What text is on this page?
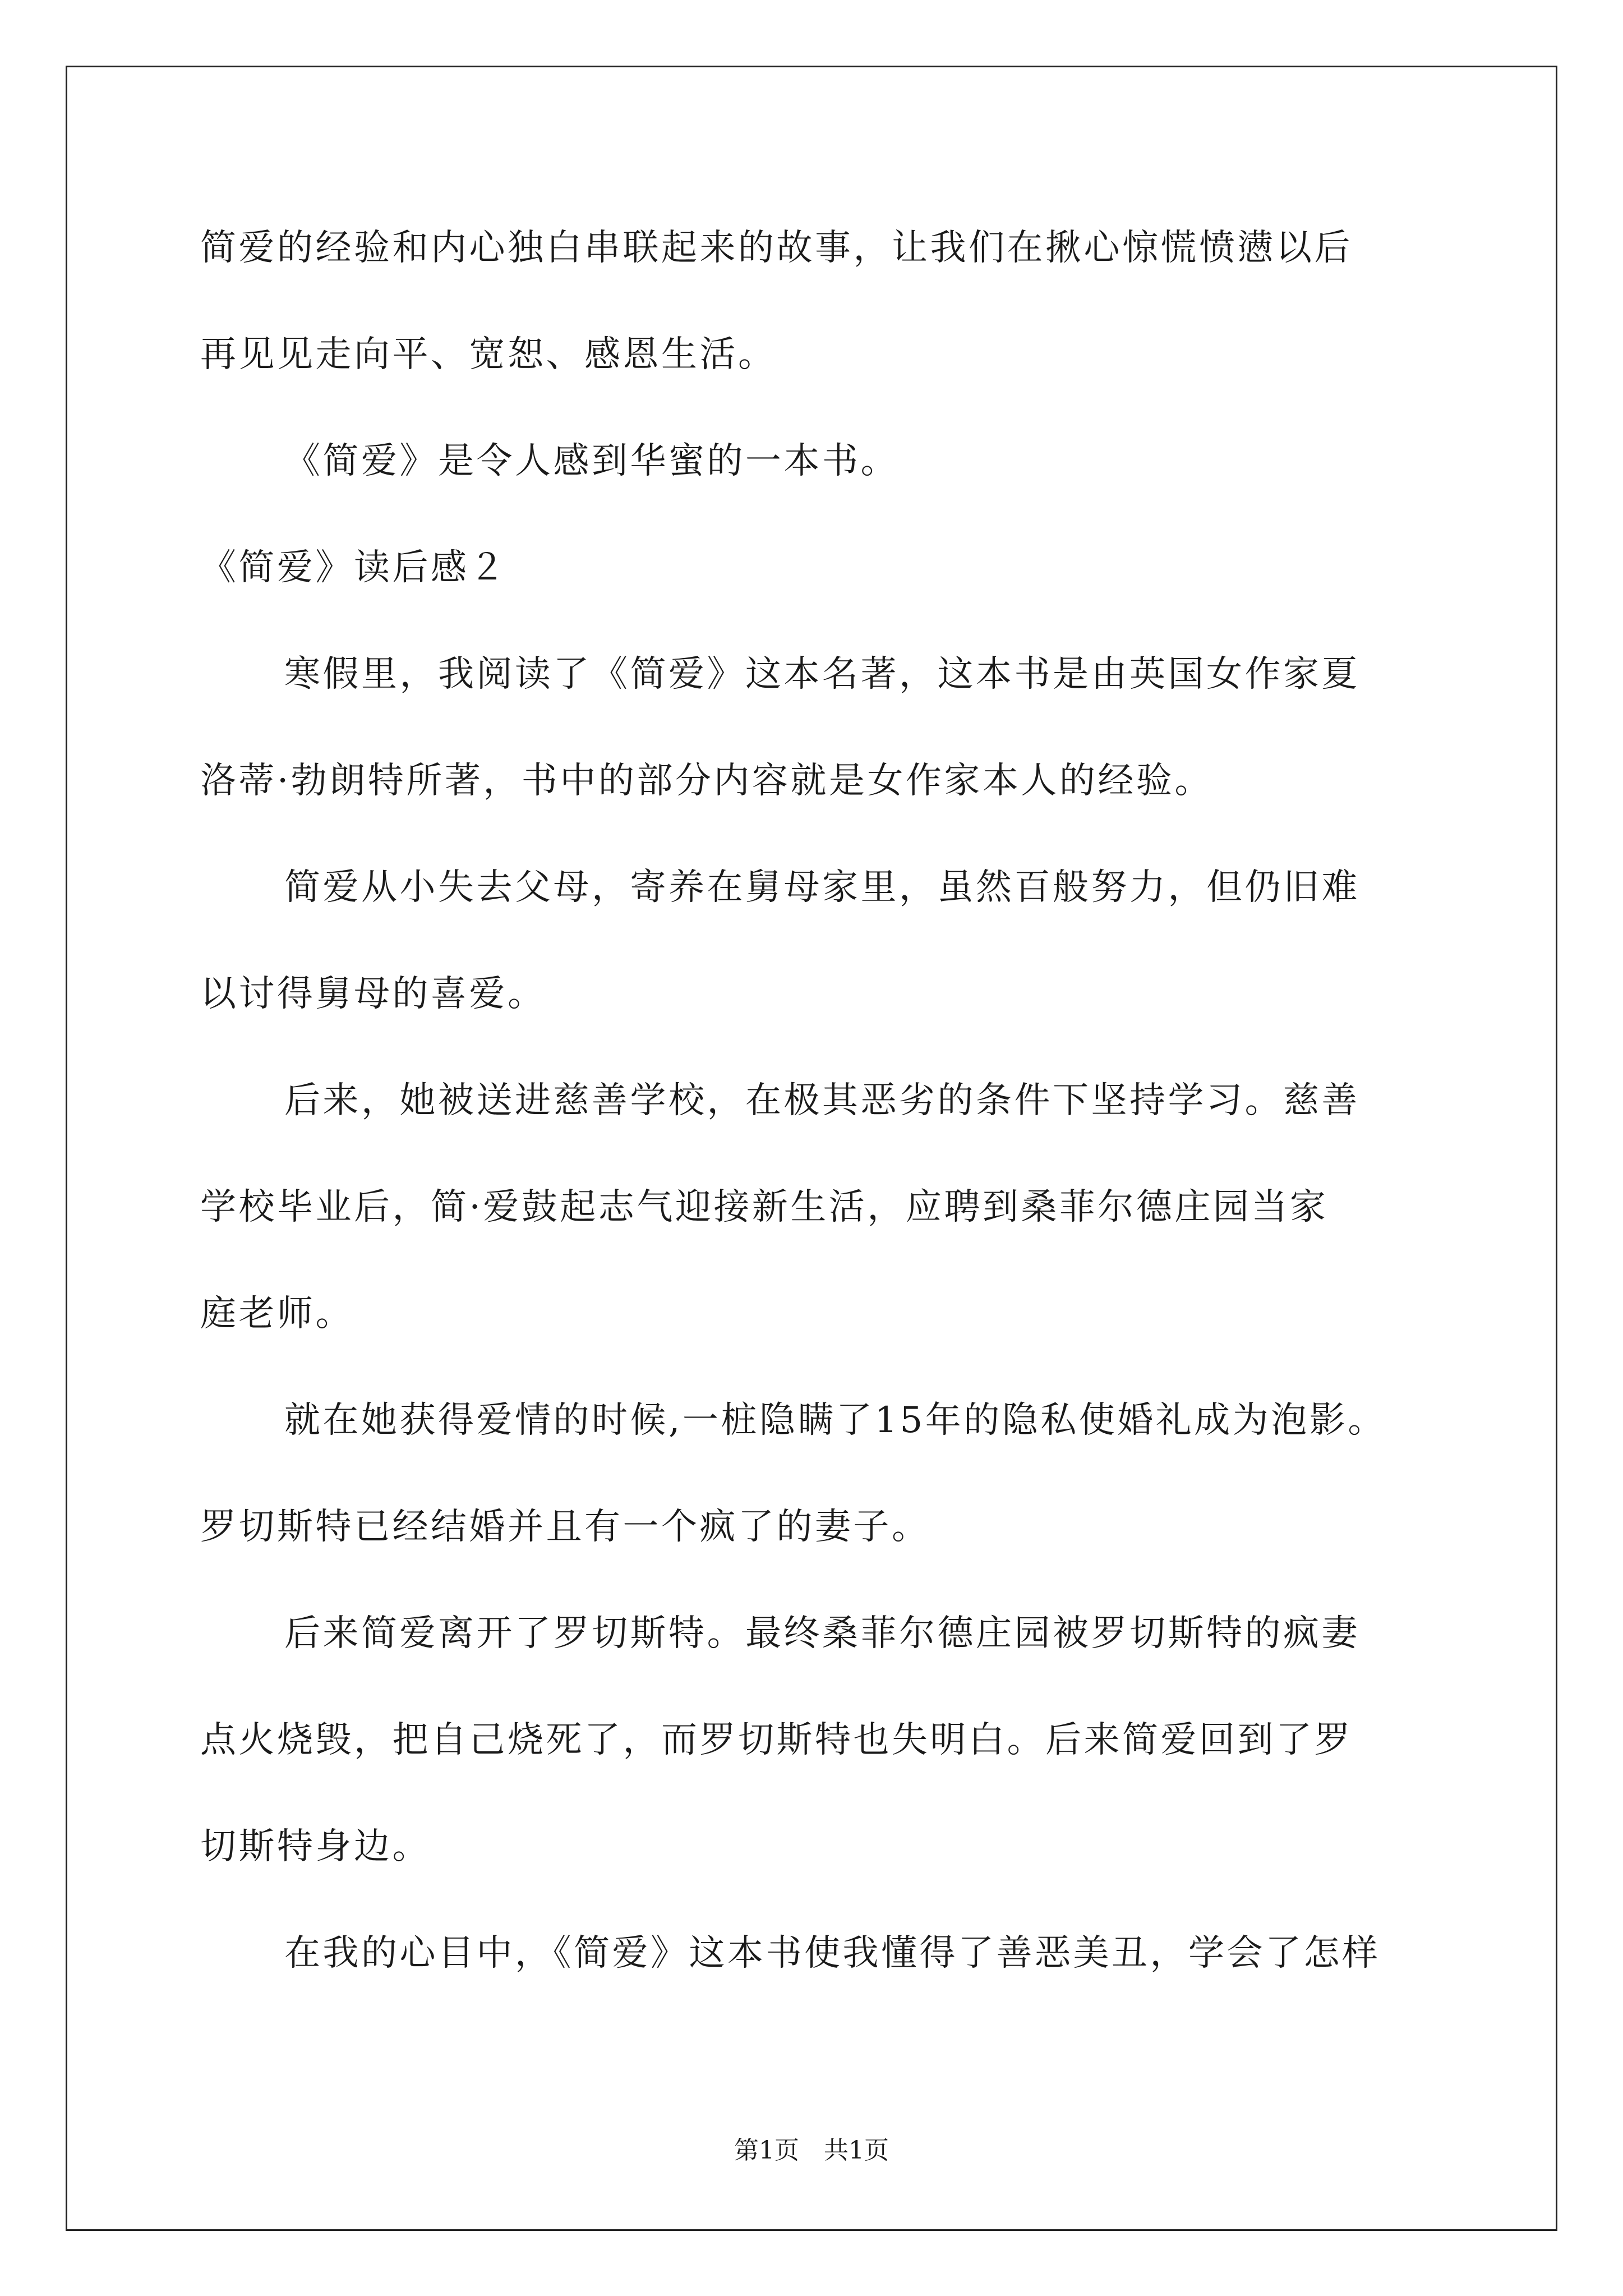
简爱的经验和内心独白串联起来的故事，让我们在揪心惊慌愤懑以后
再见见走向平、宽恕、感恩生活。
《简爱》是令人感到华蜜的一本书。
《简爱》读后感２
寒假里，我阅读了《简爱》这本名著，这本书是由英国女作家夏
洛蒂·勃朗特所著，书中的部分内容就是女作家本人的经验。
简爱从小失去父母，寄养在舅母家里，虽然百般努力，但仍旧难
以讨得舅母的喜爱。
后来，她被送进慈善学校，在极其恶劣的条件下坚持学习。慈善
学校毕业后，简·爱鼓起志气迎接新生活，应聘到桑菲尔德庄园当家
庭老师。
就在她获得爱情的时候,一桩隐瞒了15年的隐私使婚礼成为泡影。
罗切斯特已经结婚并且有一个疯了的妻子。
后来简爱离开了罗切斯特。最终桑菲尔德庄园被罗切斯特的疯妻
点火烧毁，把自己烧死了，而罗切斯特也失明白。后来简爱回到了罗
切斯特身边。
在我的心目中，《简爱》这本书使我懂得了善恶美丑，学会了怎样
第1页　共1页
